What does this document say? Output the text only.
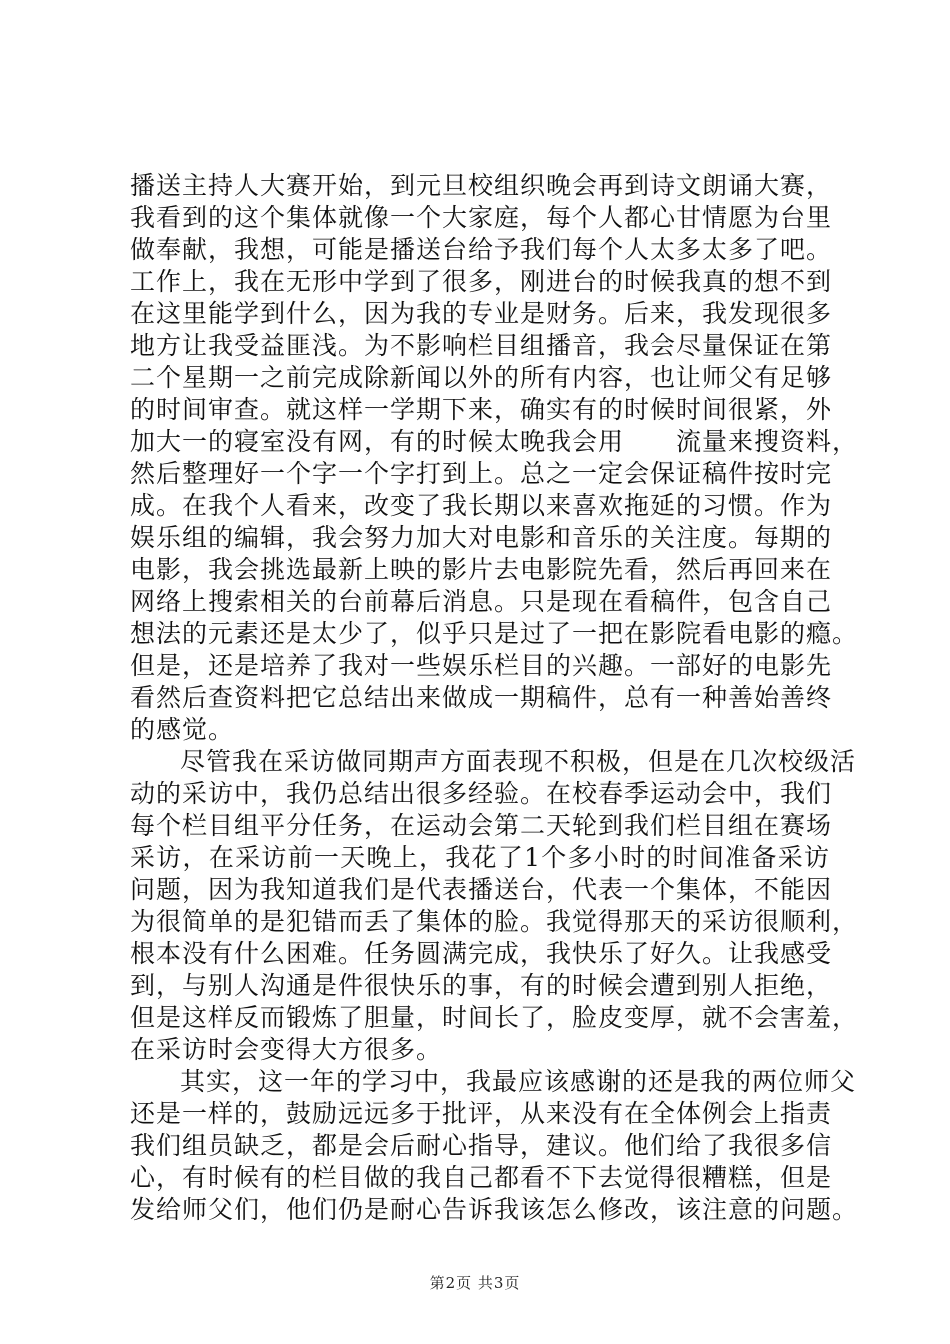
播送主持人大赛开始，到元旦校组织晚会再到诗文朗诵大赛，
我看到的这个集体就像一个大家庭，每个人都心甘情愿为台里
做奉献，我想，可能是播送台给予我们每个人太多太多了吧。
工作上，我在无形中学到了很多，刚进台的时候我真的想不到
在这里能学到什么，因为我的专业是财务。后来，我发现很多
地方让我受益匪浅。为不影响栏目组播音，我会尽量保证在第
二个星期一之前完成除新闻以外的所有内容，也让师父有足够
的时间审查。就这样一学期下来，确实有的时候时间很紧，外
加大一的寝室没有网，有的时候太晚我会用　　流量来搜资料，
然后整理好一个字一个字打到上。总之一定会保证稿件按时完
成。在我个人看来，改变了我长期以来喜欢拖延的习惯。作为
娱乐组的编辑，我会努力加大对电影和音乐的关注度。每期的
电影，我会挑选最新上映的影片去电影院先看，然后再回来在
网络上搜索相关的台前幕后消息。只是现在看稿件，包含自己
想法的元素还是太少了，似乎只是过了一把在影院看电影的瘾。
但是，还是培养了我对一些娱乐栏目的兴趣。一部好的电影先
看然后查资料把它总结出来做成一期稿件，总有一种善始善终
的感觉。
尽管我在采访做同期声方面表现不积极，但是在几次校级活
动的采访中，我仍总结出很多经验。在校春季运动会中，我们
每个栏目组平分任务，在运动会第二天轮到我们栏目组在赛场
采访，在采访前一天晚上，我花了1个多小时的时间准备采访
问题，因为我知道我们是代表播送台，代表一个集体，不能因
为很简单的是犯错而丢了集体的脸。我觉得那天的采访很顺利，
根本没有什么困难。任务圆满完成，我快乐了好久。让我感受
到，与别人沟通是件很快乐的事，有的时候会遭到别人拒绝，
但是这样反而锻炼了胆量，时间长了，脸皮变厚，就不会害羞，
在采访时会变得大方很多。
其实，这一年的学习中，我最应该感谢的还是我的两位师父
还是一样的，鼓励远远多于批评，从来没有在全体例会上指责
我们组员缺乏，都是会后耐心指导，建议。他们给了我很多信
心，有时候有的栏目做的我自己都看不下去觉得很糟糕，但是
发给师父们，他们仍是耐心告诉我该怎么修改，该注意的问题。
第2页 共3页
